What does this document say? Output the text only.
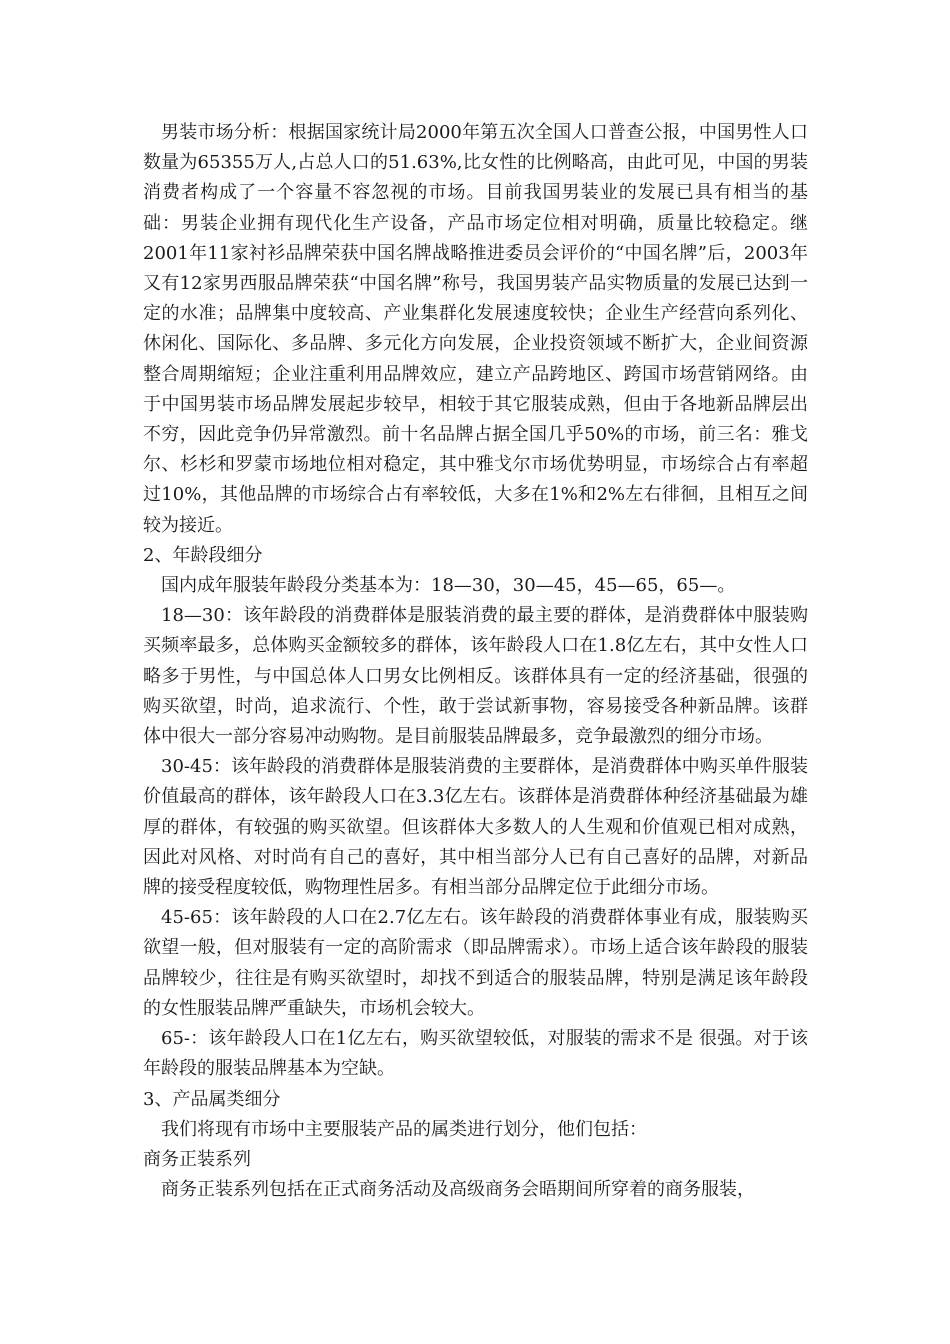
男装市场分析：根据国家统计局2000年第五次全国人口普查公报，中国男性人口数量为65355万人,占总人口的51.63%,比女性的比例略高，由此可见，中国的男装消费者构成了一个容量不容忽视的市场。目前我国男装业的发展已具有相当的基础：男装企业拥有现代化生产设备，产品市场定位相对明确，质量比较稳定。继2001年11家衬衫品牌荣获中国名牌战略推进委员会评价的“中国名牌”后，2003年又有12家男西服品牌荣获“中国名牌”称号，我国男装产品实物质量的发展已达到一定的水准；品牌集中度较高、产业集群化发展速度较快；企业生产经营向系列化、休闲化、国际化、多品牌、多元化方向发展，企业投资领域不断扩大，企业间资源整合周期缩短；企业注重利用品牌效应，建立产品跨地区、跨国市场营销网络。由于中国男装市场品牌发展起步较早，相较于其它服装成熟，但由于各地新品牌层出不穷，因此竞争仍异常激烈。前十名品牌占据全国几乎50%的市场，前三名：雅戈尔、杉杉和罗蒙市场地位相对稳定，其中雅戈尔市场优势明显，市场综合占有率超过10%，其他品牌的市场综合占有率较低，大多在1%和2%左右徘徊，且相互之间较为接近。

2、年龄段细分

国内成年服装年龄段分类基本为：18—30，30—45，45—65，65—。

18—30：该年龄段的消费群体是服装消费的最主要的群体，是消费群体中服装购买频率最多，总体购买金额较多的群体，该年龄段人口在1.8亿左右，其中女性人口略多于男性，与中国总体人口男女比例相反。该群体具有一定的经济基础，很强的购买欲望，时尚，追求流行、个性，敢于尝试新事物，容易接受各种新品牌。该群体中很大一部分容易冲动购物。是目前服装品牌最多，竞争最激烈的细分市场。

30-45：该年龄段的消费群体是服装消费的主要群体，是消费群体中购买单件服装价值最高的群体，该年龄段人口在3.3亿左右。该群体是消费群体种经济基础最为雄厚的群体，有较强的购买欲望。但该群体大多数人的人生观和价值观已相对成熟，因此对风格、对时尚有自己的喜好，其中相当部分人已有自己喜好的品牌，对新品牌的接受程度较低，购物理性居多。有相当部分品牌定位于此细分市场。

45-65：该年龄段的人口在2.7亿左右。该年龄段的消费群体事业有成，服装购买欲望一般，但对服装有一定的高阶需求（即品牌需求）。市场上适合该年龄段的服装品牌较少，往往是有购买欲望时，却找不到适合的服装品牌，特别是满足该年龄段的女性服装品牌严重缺失，市场机会较大。

65-：该年龄段人口在1亿左右，购买欲望较低，对服装的需求不是 很强。对于该年龄段的服装品牌基本为空缺。

3、产品属类细分

我们将现有市场中主要服装产品的属类进行划分，他们包括：

商务正装系列

商务正装系列包括在正式商务活动及高级商务会晤期间所穿着的商务服装，
